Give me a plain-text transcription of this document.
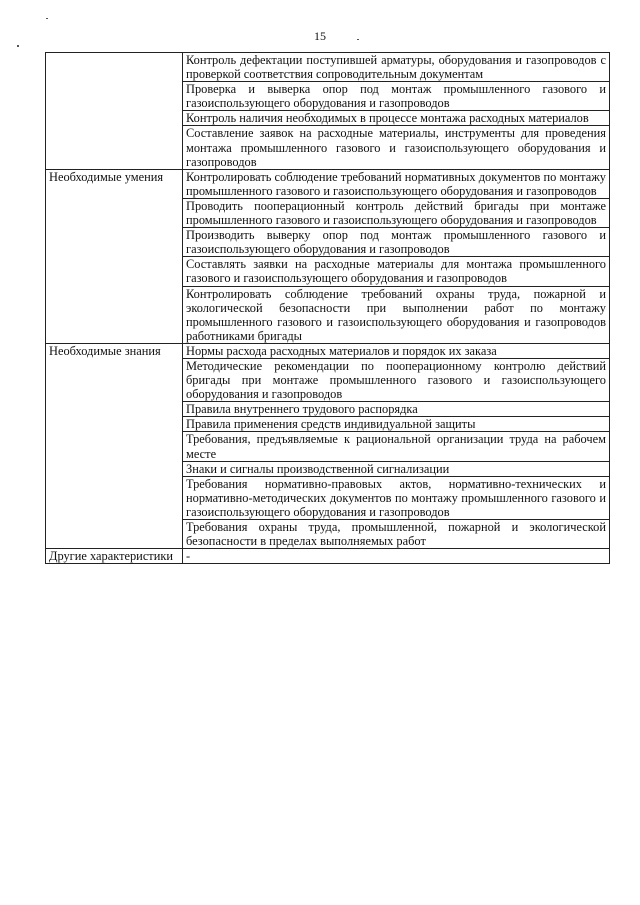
15
	Контроль дефектации поступившей арматуры, оборудования и газопроводов с проверкой соответствия сопроводительным документам
	Проверка и выверка опор под монтаж промышленного газового и газоиспользующего оборудования и газопроводов
	Контроль наличия необходимых в процессе монтажа расходных материалов
	Составление заявок на расходные материалы, инструменты для проведения монтажа промышленного газового и газоиспользующего оборудования и газопроводов
Необходимые умения	Контролировать соблюдение требований нормативных документов по монтажу промышленного газового и газоиспользующего оборудования и газопроводов
	Проводить пооперационный контроль действий бригады при монтаже промышленного газового и газоиспользующего оборудования и газопроводов
	Производить выверку опор под монтаж промышленного газового и газоиспользующего оборудования и газопроводов
	Составлять заявки на расходные материалы для монтажа промышленного газового и газоиспользующего оборудования и газопроводов
	Контролировать соблюдение требований охраны труда, пожарной и экологической безопасности при выполнении работ по монтажу промышленного газового и газоиспользующего оборудования и газопроводов работниками бригады
Необходимые знания	Нормы расхода расходных материалов и порядок их заказа
	Методические рекомендации по пооперационному контролю действий бригады при монтаже промышленного газового и газоиспользующего оборудования и газопроводов
	Правила внутреннего трудового распорядка
	Правила применения средств индивидуальной защиты
	Требования, предъявляемые к рациональной организации труда на рабочем месте
	Знаки и сигналы производственной сигнализации
	Требования нормативно-правовых актов, нормативно-технических и нормативно-методических документов по монтажу промышленного газового и газоиспользующего оборудования и газопроводов
	Требования охраны труда, промышленной, пожарной и экологической безопасности в пределах выполняемых работ
Другие характеристики	-
